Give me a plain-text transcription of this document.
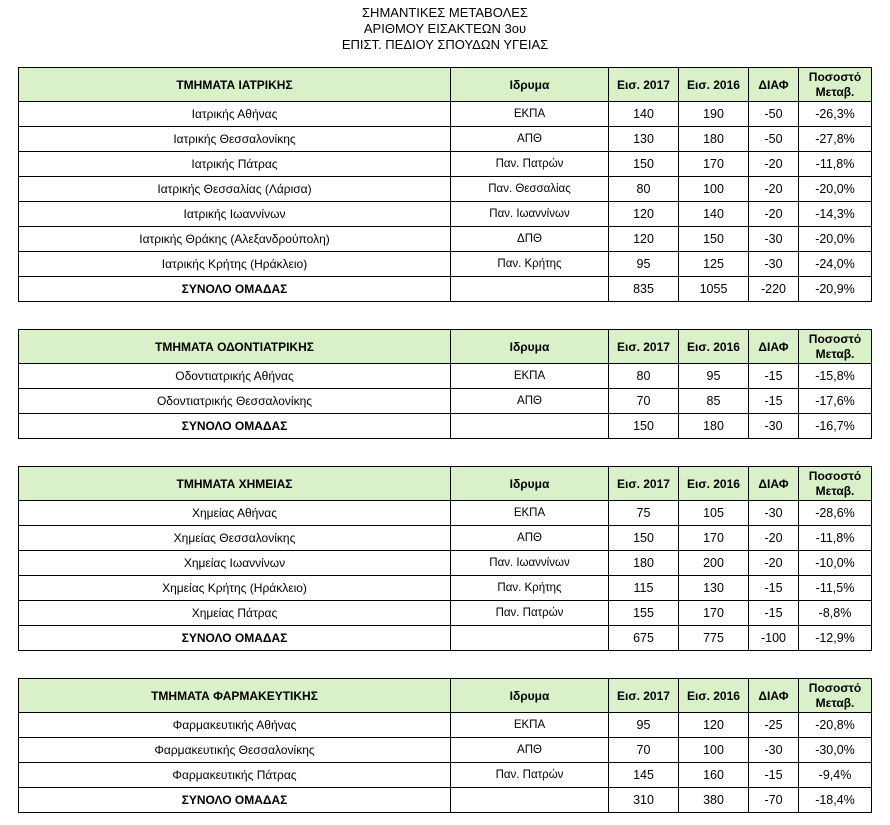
ΣΗΜΑΝΤΙΚΕΣ ΜΕΤΑΒΟΛΕΣ
ΑΡΙΘΜΟΥ ΕΙΣΑΚΤΕΩΝ 3ου
ΕΠΙΣΤ. ΠΕΔΙΟΥ ΣΠΟΥΔΩΝ ΥΓΕΙΑΣ
ΤΜΗΜΑΤΑ ΙΑΤΡΙΚΗΣ	Ιδρυμα	Εισ. 2017	Εισ. 2016	ΔΙΑΦ	Ποσοστό
Μεταβ.
Ιατρικής Αθήνας	ΕΚΠΑ	140	190	-50	-26,3%
Ιατρικής Θεσσαλονίκης	ΑΠΘ	130	180	-50	-27,8%
Ιατρικής Πάτρας	Παν. Πατρών	150	170	-20	-11,8%
Ιατρικής Θεσσαλίας (Λάρισα)	Παν. Θεσσαλίας	80	100	-20	-20,0%
Ιατρικής Ιωαννίνων	Παν. Ιωαννίνων	120	140	-20	-14,3%
Ιατρικής Θράκης (Αλεξανδρούπολη)	ΔΠΘ	120	150	-30	-20,0%
Ιατρικής Κρήτης (Ηράκλειο)	Παν. Κρήτης	95	125	-30	-24,0%
ΣΥΝΟΛΟ ΟΜΑΔΑΣ		835	1055	-220	-20,9%
ΤΜΗΜΑΤΑ ΟΔΟΝΤΙΑΤΡΙΚΗΣ	Ιδρυμα	Εισ. 2017	Εισ. 2016	ΔΙΑΦ	Ποσοστό
Μεταβ.
Οδοντιατρικής Αθήνας	ΕΚΠΑ	80	95	-15	-15,8%
Οδοντιατρικής Θεσσαλονίκης	ΑΠΘ	70	85	-15	-17,6%
ΣΥΝΟΛΟ ΟΜΑΔΑΣ		150	180	-30	-16,7%
ΤΜΗΜΑΤΑ ΧΗΜΕΙΑΣ	Ιδρυμα	Εισ. 2017	Εισ. 2016	ΔΙΑΦ	Ποσοστό
Μεταβ.
Χημείας Αθήνας	ΕΚΠΑ	75	105	-30	-28,6%
Χημείας Θεσσαλονίκης	ΑΠΘ	150	170	-20	-11,8%
Χημείας Ιωαννίνων	Παν. Ιωαννίνων	180	200	-20	-10,0%
Χημείας Κρήτης (Ηράκλειο)	Παν. Κρήτης	115	130	-15	-11,5%
Χημείας Πάτρας	Παν. Πατρών	155	170	-15	-8,8%
ΣΥΝΟΛΟ ΟΜΑΔΑΣ		675	775	-100	-12,9%
ΤΜΗΜΑΤΑ ΦΑΡΜΑΚΕΥΤΙΚΗΣ	Ιδρυμα	Εισ. 2017	Εισ. 2016	ΔΙΑΦ	Ποσοστό
Μεταβ.
Φαρμακευτικής Αθήνας	ΕΚΠΑ	95	120	-25	-20,8%
Φαρμακευτικής Θεσσαλονίκης	ΑΠΘ	70	100	-30	-30,0%
Φαρμακευτικής Πάτρας	Παν. Πατρών	145	160	-15	-9,4%
ΣΥΝΟΛΟ ΟΜΑΔΑΣ		310	380	-70	-18,4%
